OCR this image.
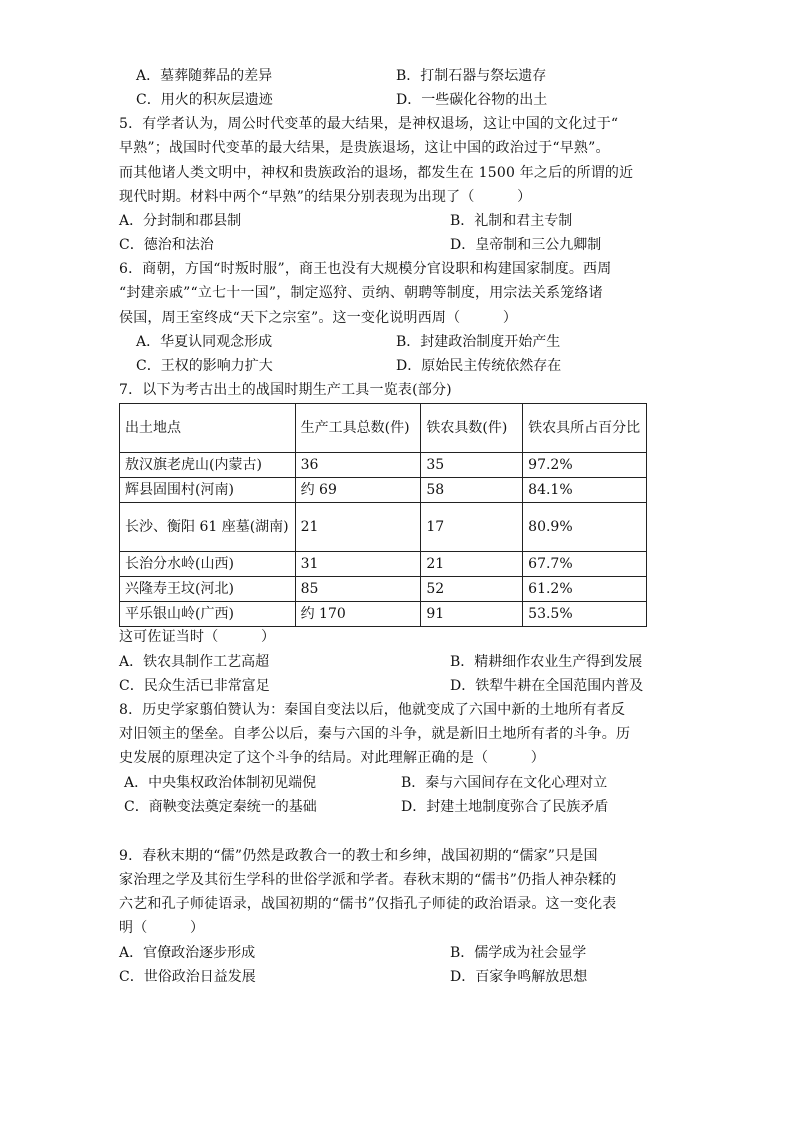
A．墓葬随葬品的差异	B．打制石器与祭坛遗存
C．用火的积灰层遗迹	D．一些碳化谷物的出土
5．有学者认为，周公时代变革的最大结果，是神权退场，这让中国的文化过于“
早熟”；战国时代变革的最大结果，是贵族退场，这让中国的政治过于“早熟”。
而其他诸人类文明中，神权和贵族政治的退场，都发生在 1500 年之后的所谓的近
现代时期。材料中两个“早熟”的结果分别表现为出现了（　　　）
A．分封制和郡县制	B．礼制和君主专制
C．德治和法治	D．皇帝制和三公九卿制
6．商朝，方国“时叛时服”，商王也没有大规模分官设职和构建国家制度。西周
“封建亲戚”“立七十一国”，制定巡狩、贡纳、朝聘等制度，用宗法关系笼络诸
侯国，周王室终成“天下之宗室”。这一变化说明西周（　　　）
A．华夏认同观念形成	B．封建政治制度开始产生
C．王权的影响力扩大	D．原始民主传统依然存在
7．以下为考古出土的战国时期生产工具一览表(部分)
出土地点	生产工具总数(件)	铁农具数(件)	铁农具所占百分比
敖汉旗老虎山(内蒙古)	36	35	97.2%
辉县固围村(河南)	约 69	58	84.1%
长沙、衡阳 61 座墓(湖南)	21	17	80.9%
长治分水岭(山西)	31	21	67.7%
兴隆寿王坟(河北)	85	52	61.2%
平乐银山岭(广西)	约 170	91	53.5%
这可佐证当时（　　　）
A．铁农具制作工艺高超	B．精耕细作农业生产得到发展
C．民众生活已非常富足	D．铁犁牛耕在全国范围内普及
8．历史学家翦伯赞认为：秦国自变法以后，他就变成了六国中新的土地所有者反
对旧领主的堡垒。自孝公以后，秦与六国的斗争，就是新旧土地所有者的斗争。历
史发展的原理决定了这个斗争的结局。对此理解正确的是（　　　）
A．中央集权政治体制初见端倪	B．秦与六国间存在文化心理对立
C．商鞅变法奠定秦统一的基础	D．封建土地制度弥合了民族矛盾
9．春秋末期的“儒”仍然是政教合一的教士和乡绅，战国初期的“儒家”只是国
家治理之学及其衍生学科的世俗学派和学者。春秋末期的“儒书”仍指人神杂糅的
六艺和孔子师徒语录，战国初期的“儒书”仅指孔子师徒的政治语录。这一变化表
明（　　　）
A．官僚政治逐步形成	B．儒学成为社会显学
C．世俗政治日益发展	D．百家争鸣解放思想
